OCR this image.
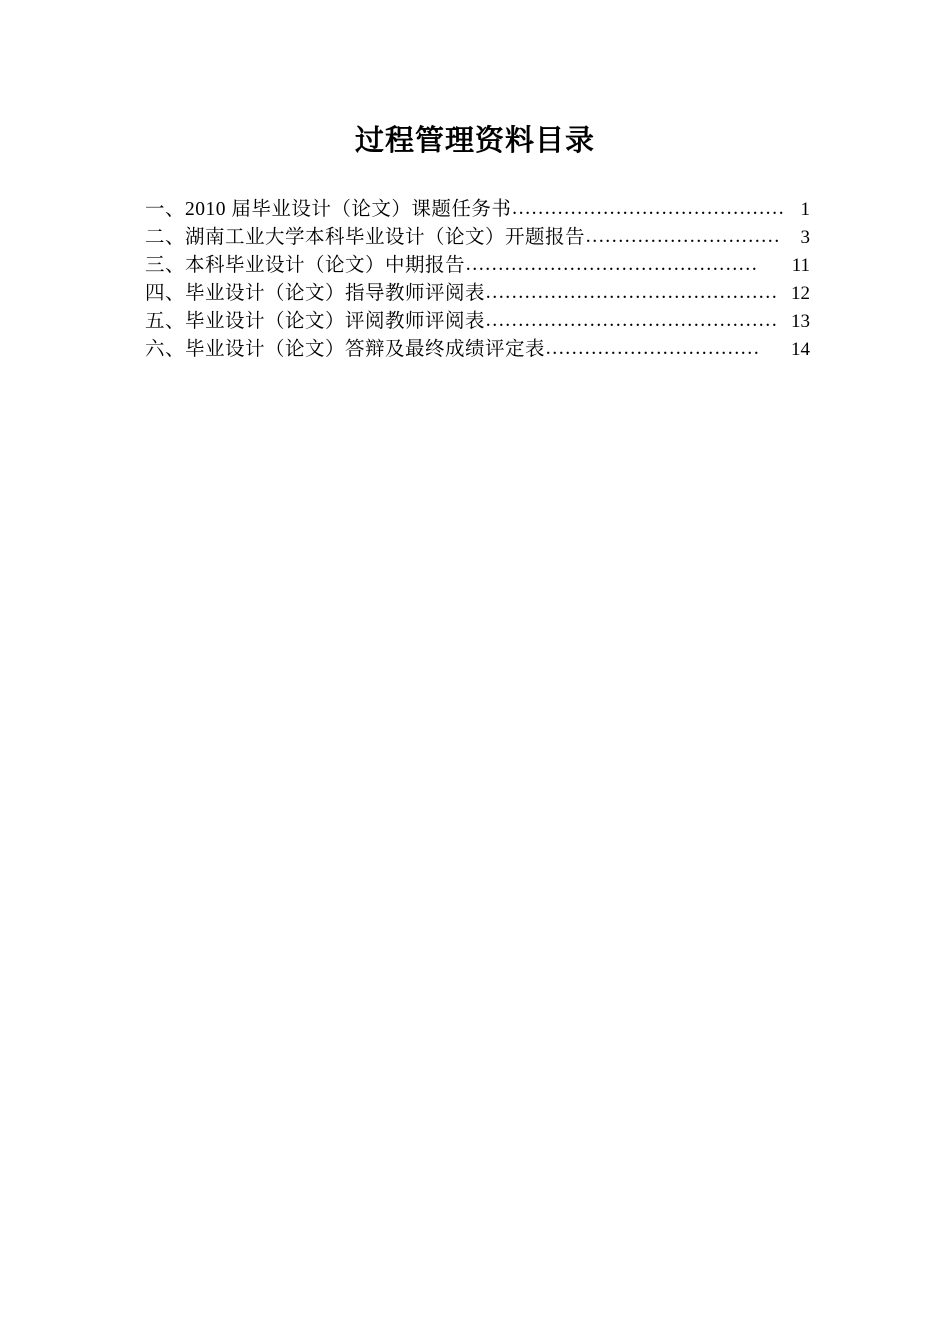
过程管理资料目录
一、2010 届毕业设计（论文）课题任务书 …………………………………… 1
二、湖南工业大学本科毕业设计（论文）开题报告 …………………………	3
三、本科毕业设计（论文）中期报告 ………………………………………	11
四、毕业设计（论文）指导教师评阅表 ……………………………………… 12
五、毕业设计（论文）评阅教师评阅表 ……………………………………… 13
六、毕业设计（论文）答辩及最终成绩评定表 ……………………………	14
